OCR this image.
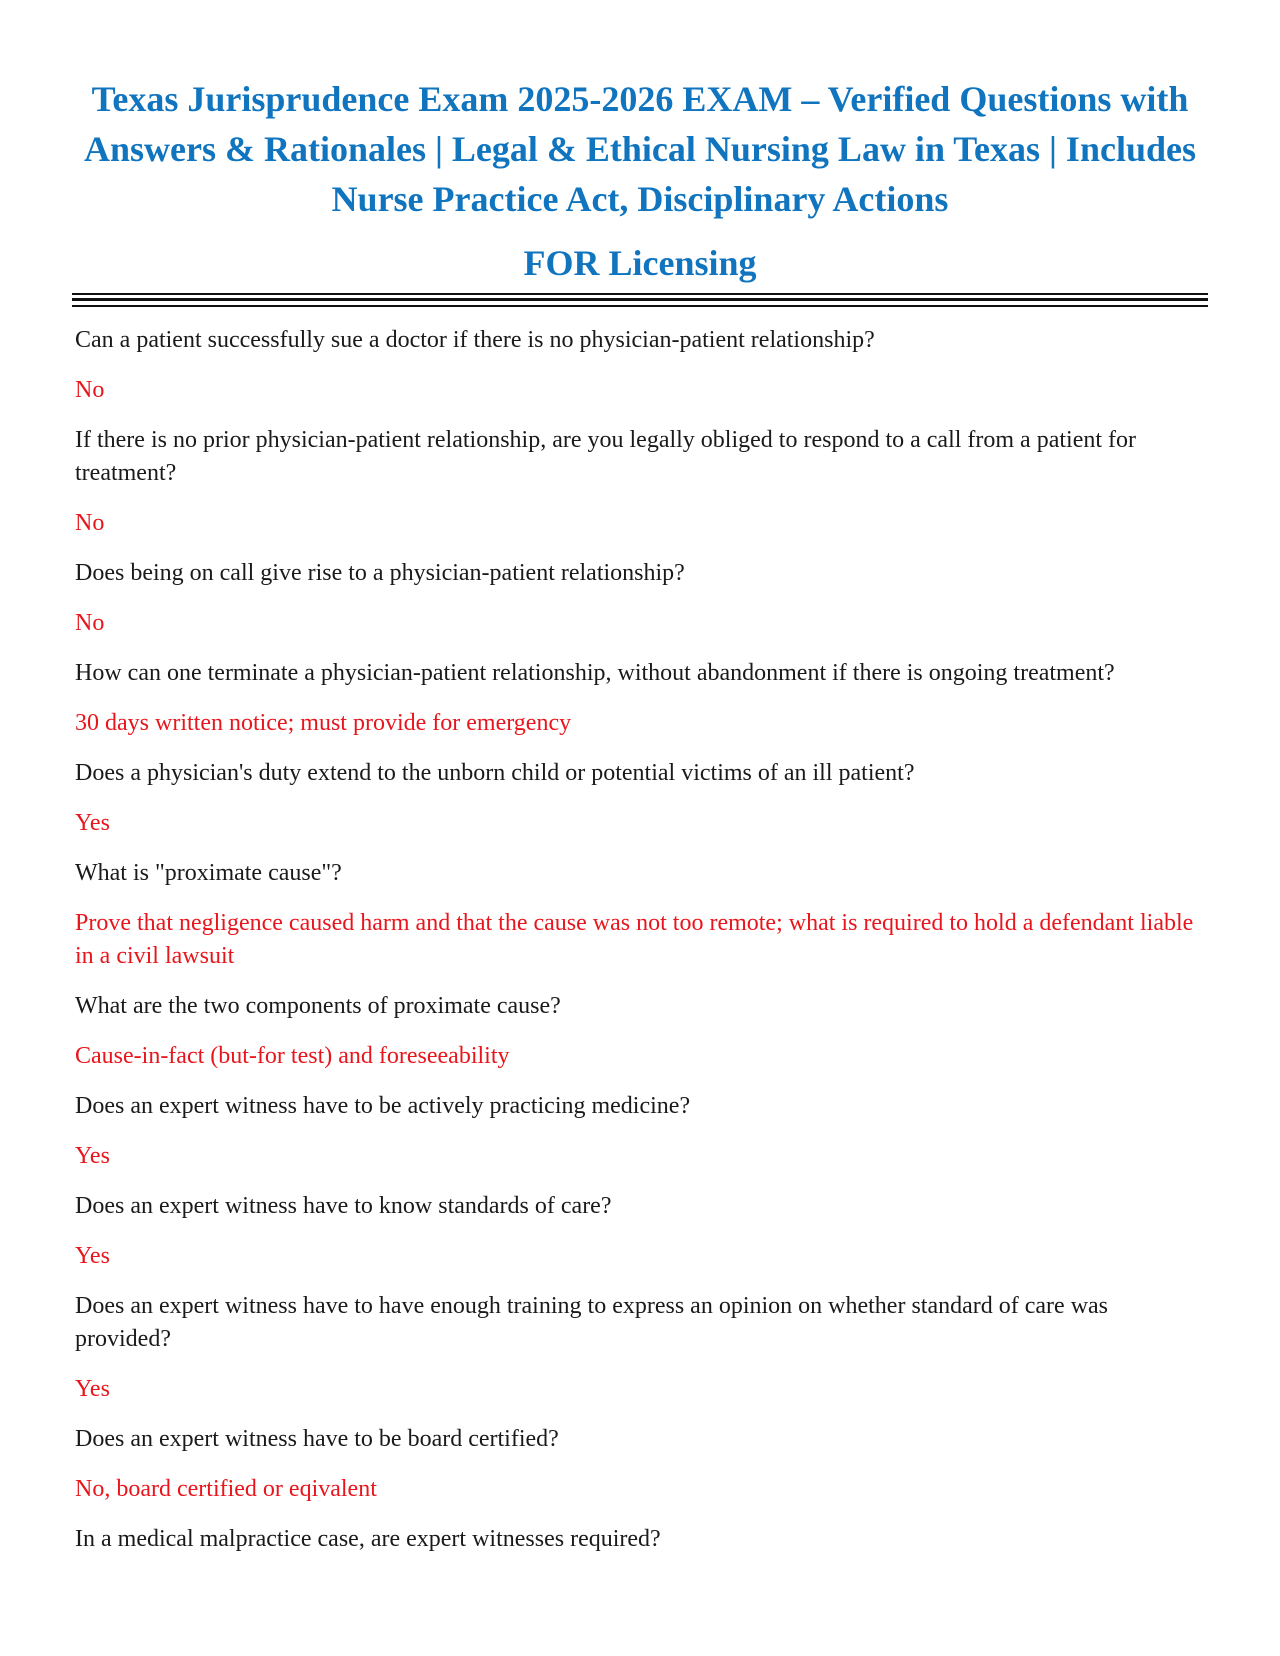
Texas Jurisprudence Exam 2025-2026 EXAM – Verified Questions with Answers & Rationales | Legal & Ethical Nursing Law in Texas | Includes Nurse Practice Act, Disciplinary Actions
FOR Licensing

Can a patient successfully sue a doctor if there is no physician-patient relationship?

No

If there is no prior physician-patient relationship, are you legally obliged to respond to a call from a patient for treatment?

No

Does being on call give rise to a physician-patient relationship?

No

How can one terminate a physician-patient relationship, without abandonment if there is ongoing treatment?

30 days written notice; must provide for emergency

Does a physician's duty extend to the unborn child or potential victims of an ill patient?

Yes

What is "proximate cause"?

Prove that negligence caused harm and that the cause was not too remote; what is required to hold a defendant liable in a civil lawsuit

What are the two components of proximate cause?

Cause-in-fact (but-for test) and foreseeability

Does an expert witness have to be actively practicing medicine?

Yes

Does an expert witness have to know standards of care?

Yes

Does an expert witness have to have enough training to express an opinion on whether standard of care was provided?

Yes

Does an expert witness have to be board certified?

No, board certified or eqivalent

In a medical malpractice case, are expert witnesses required?
